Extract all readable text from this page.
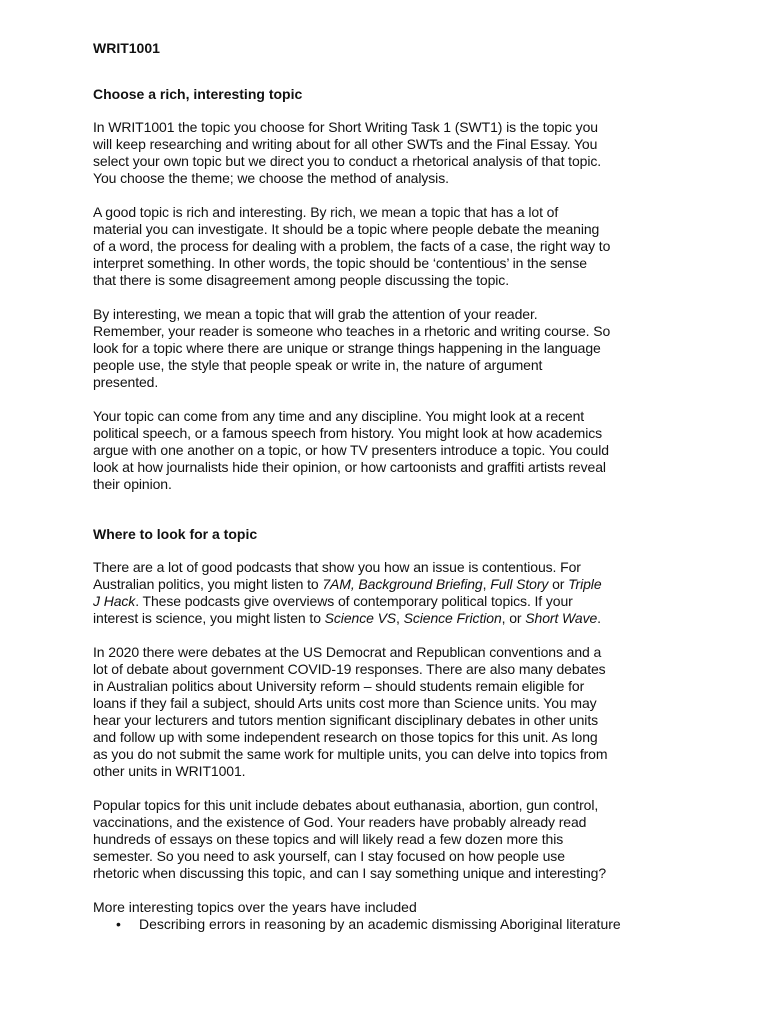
WRIT1001
Choose a rich, interesting topic
In WRIT1001 the topic you choose for Short Writing Task 1 (SWT1) is the topic you
will keep researching and writing about for all other SWTs and the Final Essay. You
select your own topic but we direct you to conduct a rhetorical analysis of that topic.
You choose the theme; we choose the method of analysis.
A good topic is rich and interesting. By rich, we mean a topic that has a lot of
material you can investigate. It should be a topic where people debate the meaning
of a word, the process for dealing with a problem, the facts of a case, the right way to
interpret something. In other words, the topic should be ‘contentious’ in the sense
that there is some disagreement among people discussing the topic.
By interesting, we mean a topic that will grab the attention of your reader.
Remember, your reader is someone who teaches in a rhetoric and writing course. So
look for a topic where there are unique or strange things happening in the language
people use, the style that people speak or write in, the nature of argument
presented.
Your topic can come from any time and any discipline. You might look at a recent
political speech, or a famous speech from history. You might look at how academics
argue with one another on a topic, or how TV presenters introduce a topic. You could
look at how journalists hide their opinion, or how cartoonists and graffiti artists reveal
their opinion.
Where to look for a topic
There are a lot of good podcasts that show you how an issue is contentious. For
Australian politics, you might listen to 7AM, Background Briefing, Full Story or Triple
J Hack. These podcasts give overviews of contemporary political topics. If your
interest is science, you might listen to Science VS, Science Friction, or Short Wave.
In 2020 there were debates at the US Democrat and Republican conventions and a
lot of debate about government COVID-19 responses. There are also many debates
in Australian politics about University reform – should students remain eligible for
loans if they fail a subject, should Arts units cost more than Science units. You may
hear your lecturers and tutors mention significant disciplinary debates in other units
and follow up with some independent research on those topics for this unit. As long
as you do not submit the same work for multiple units, you can delve into topics from
other units in WRIT1001.
Popular topics for this unit include debates about euthanasia, abortion, gun control,
vaccinations, and the existence of God. Your readers have probably already read
hundreds of essays on these topics and will likely read a few dozen more this
semester. So you need to ask yourself, can I stay focused on how people use
rhetoric when discussing this topic, and can I say something unique and interesting?
More interesting topics over the years have included
• Describing errors in reasoning by an academic dismissing Aboriginal literature
